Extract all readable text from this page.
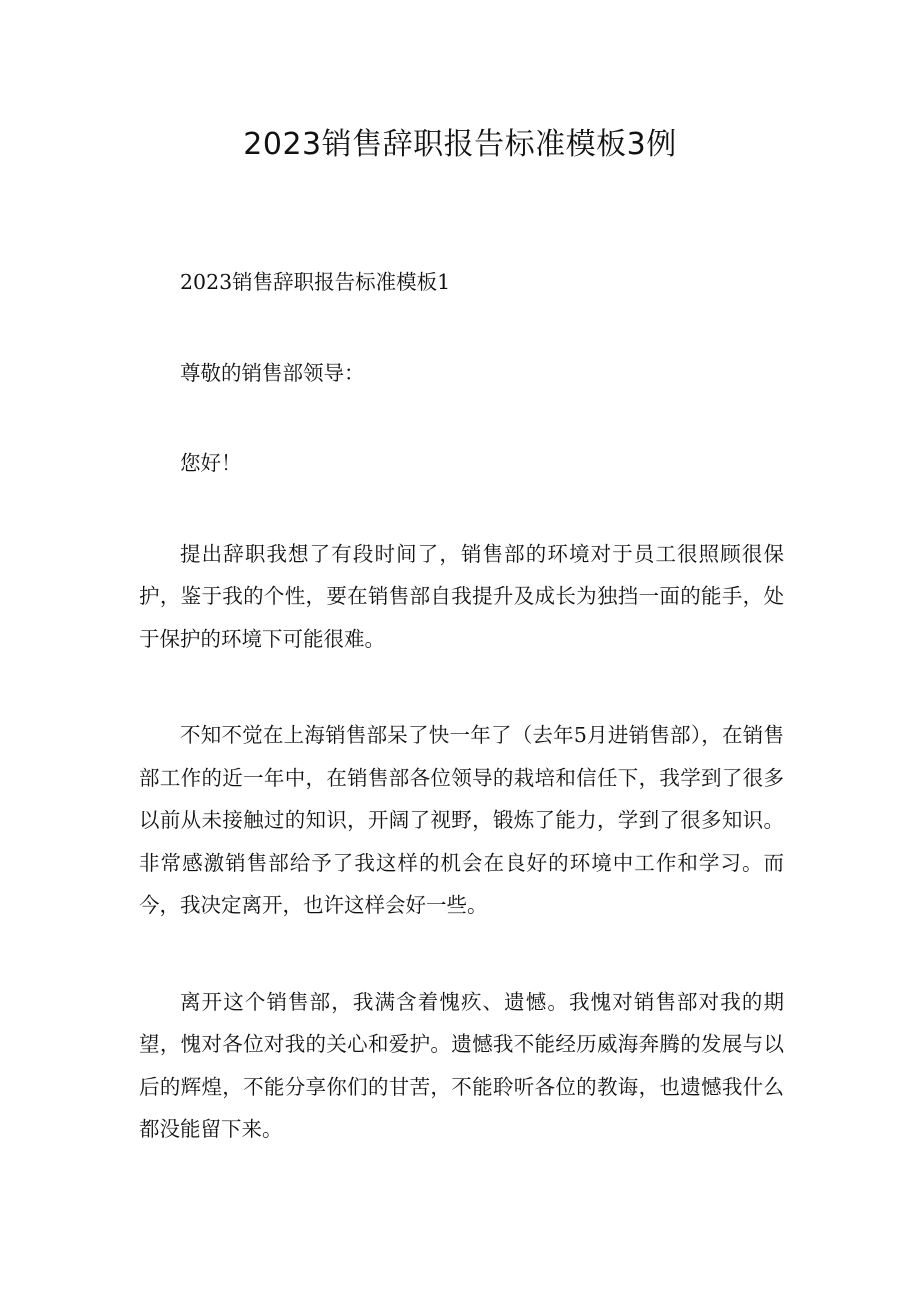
2023销售辞职报告标准模板3例

2023销售辞职报告标准模板1

尊敬的销售部领导：

您好！

提出辞职我想了有段时间了，销售部的环境对于员工很照顾很保护，鉴于我的个性，要在销售部自我提升及成长为独挡一面的能手，处于保护的环境下可能很难。

不知不觉在上海销售部呆了快一年了（去年5月进销售部），在销售部工作的近一年中，在销售部各位领导的栽培和信任下，我学到了很多以前从未接触过的知识，开阔了视野，锻炼了能力，学到了很多知识。非常感激销售部给予了我这样的机会在良好的环境中工作和学习。而今，我决定离开，也许这样会好一些。

离开这个销售部，我满含着愧疚、遗憾。我愧对销售部对我的期望，愧对各位对我的关心和爱护。遗憾我不能经历威海奔腾的发展与以后的辉煌，不能分享你们的甘苦，不能聆听各位的教诲，也遗憾我什么都没能留下来。
